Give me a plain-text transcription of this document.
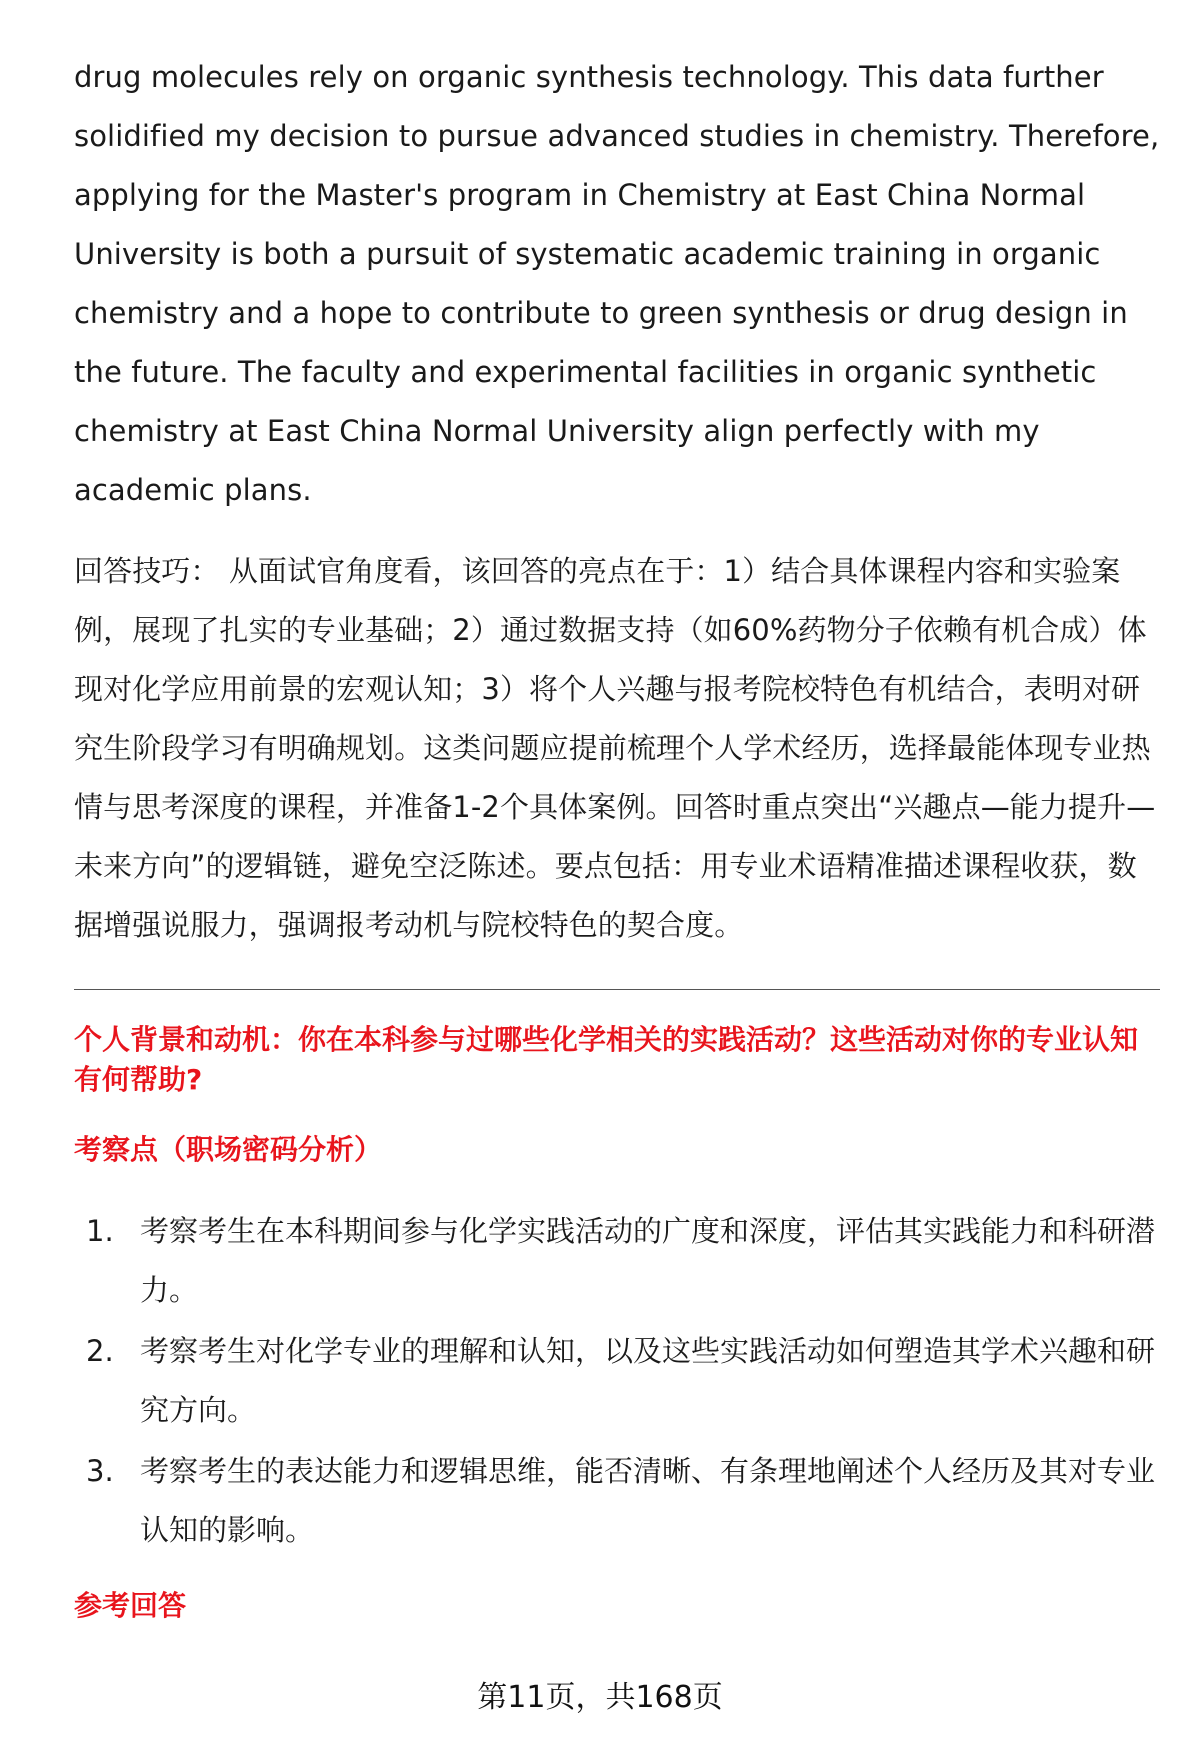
drug molecules rely on organic synthesis technology. This data further solidified my decision to pursue advanced studies in chemistry. Therefore, applying for the Master's program in Chemistry at East China Normal University is both a pursuit of systematic academic training in organic chemistry and a hope to contribute to green synthesis or drug design in the future. The faculty and experimental facilities in organic synthetic chemistry at East China Normal University align perfectly with my academic plans.

回答技巧： 从面试官角度看，该回答的亮点在于：1）结合具体课程内容和实验案例，展现了扎实的专业基础；2）通过数据支持（如60%药物分子依赖有机合成）体现对化学应用前景的宏观认知；3）将个人兴趣与报考院校特色有机结合，表明对研究生阶段学习有明确规划。这类问题应提前梳理个人学术经历，选择最能体现专业热情与思考深度的课程，并准备1-2个具体案例。回答时重点突出“兴趣点—能力提升—未来方向”的逻辑链，避免空泛陈述。要点包括：用专业术语精准描述课程收获，数据增强说服力，强调报考动机与院校特色的契合度。

个人背景和动机：你在本科参与过哪些化学相关的实践活动？这些活动对你的专业认知有何帮助?

考察点（职场密码分析）

1. 考察考生在本科期间参与化学实践活动的广度和深度，评估其实践能力和科研潜力。
2. 考察考生对化学专业的理解和认知，以及这些实践活动如何塑造其学术兴趣和研究方向。
3. 考察考生的表达能力和逻辑思维，能否清晰、有条理地阐述个人经历及其对专业认知的影响。

参考回答

第11页，共168页
